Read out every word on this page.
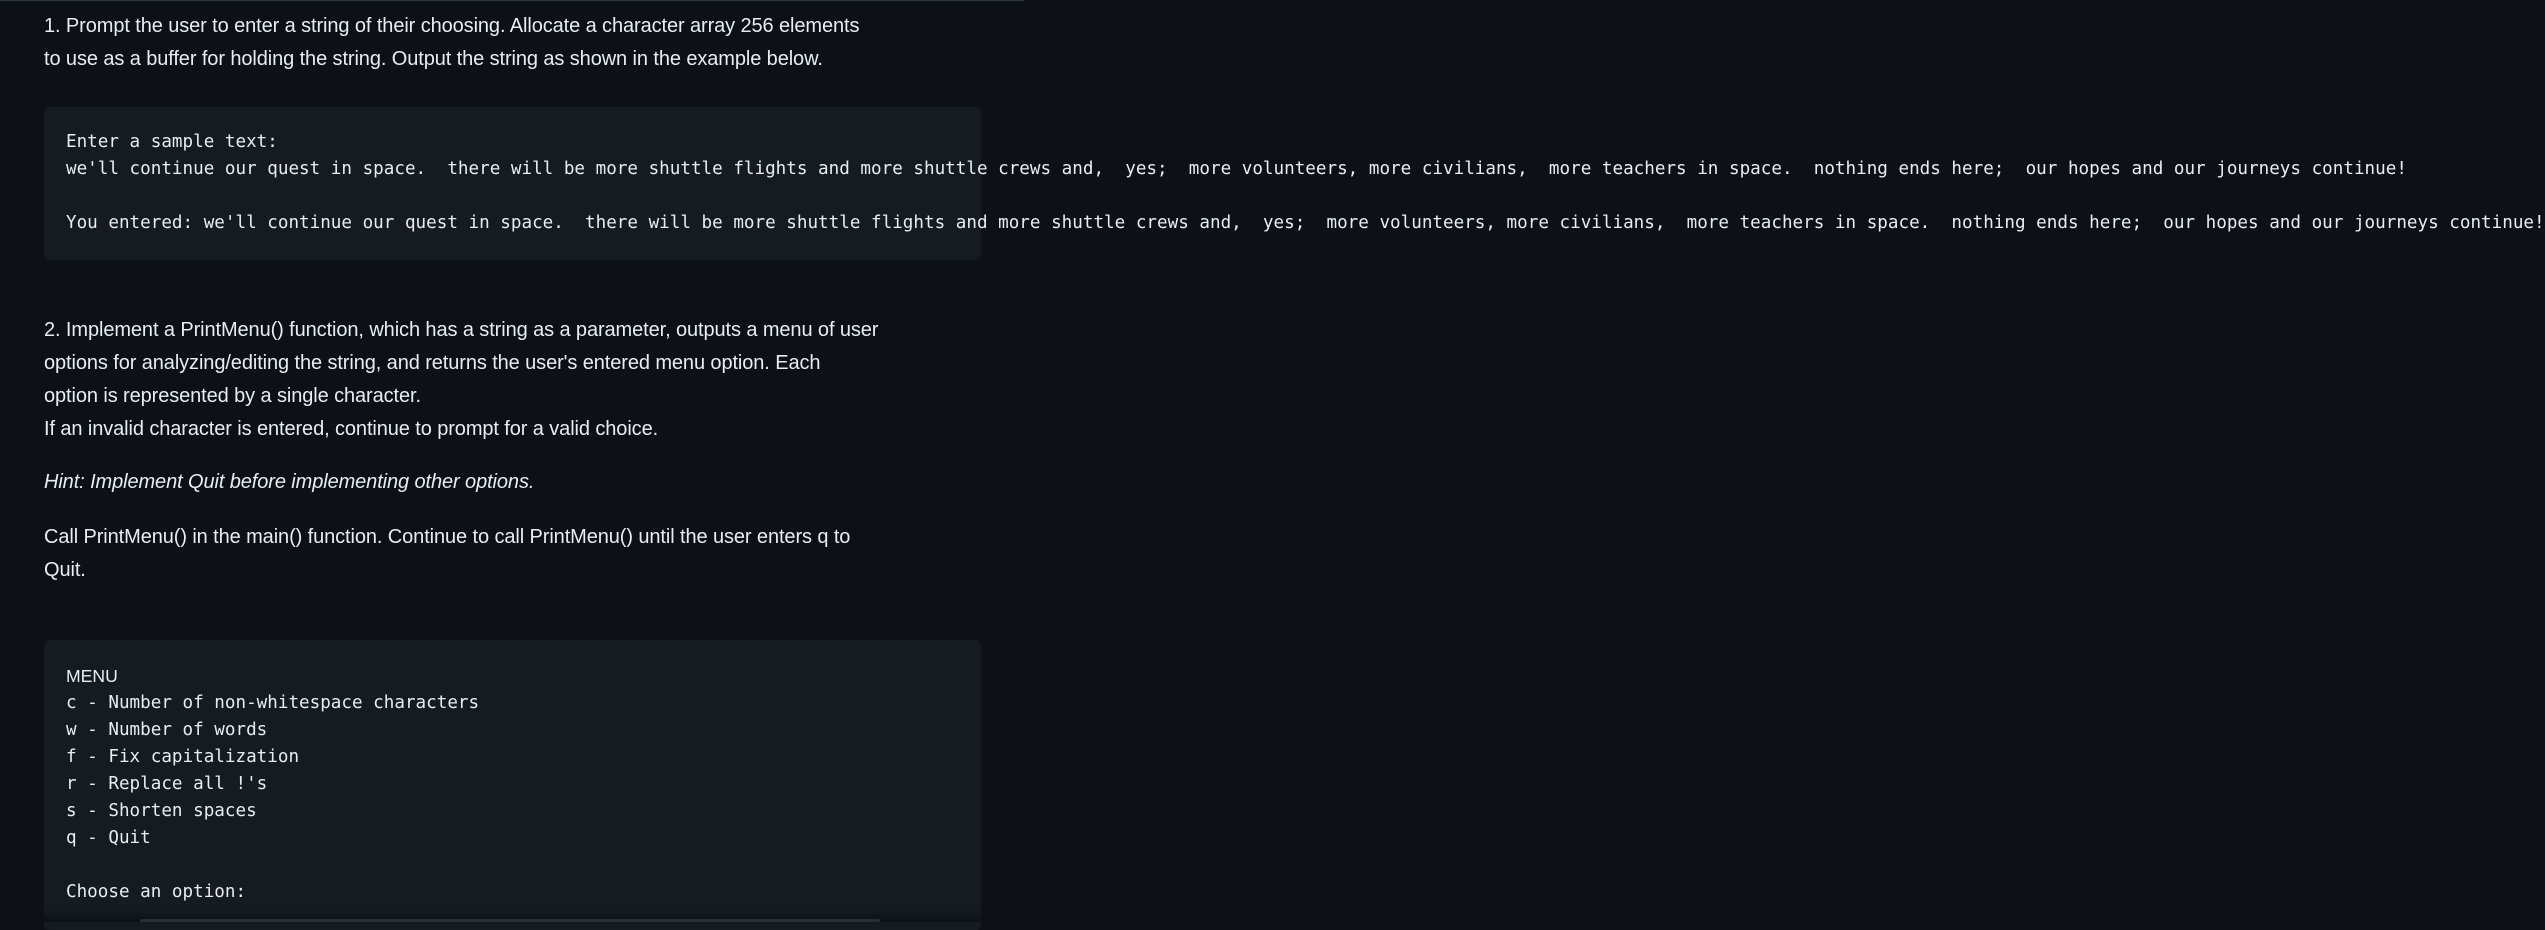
1. Prompt the user to enter a string of their choosing. Allocate a character array 256 elements
to use as a buffer for holding the string. Output the string as shown in the example below.

Enter a sample text:
we'll continue our quest in space.  there will be more shuttle flights and more shuttle crews and,  yes;  more volunteers, more civilians,  more teachers in space.  nothing ends here;  our hopes and our journeys continue!
You entered: we'll continue our quest in space.  there will be more shuttle flights and more shuttle crews and,  yes;  more volunteers, more civilians,  more teachers in space.  nothing ends here;  our hopes and our journeys continue!

2. Implement a PrintMenu() function, which has a string as a parameter, outputs a menu of user
options for analyzing/editing the string, and returns the user's entered menu option. Each
option is represented by a single character.
If an invalid character is entered, continue to prompt for a valid choice.

Hint: Implement Quit before implementing other options.

Call PrintMenu() in the main() function. Continue to call PrintMenu() until the user enters q to
Quit.

MENU
c - Number of non-whitespace characters
w - Number of words
f - Fix capitalization
r - Replace all !'s
s - Shorten spaces
q - Quit
Choose an option:
